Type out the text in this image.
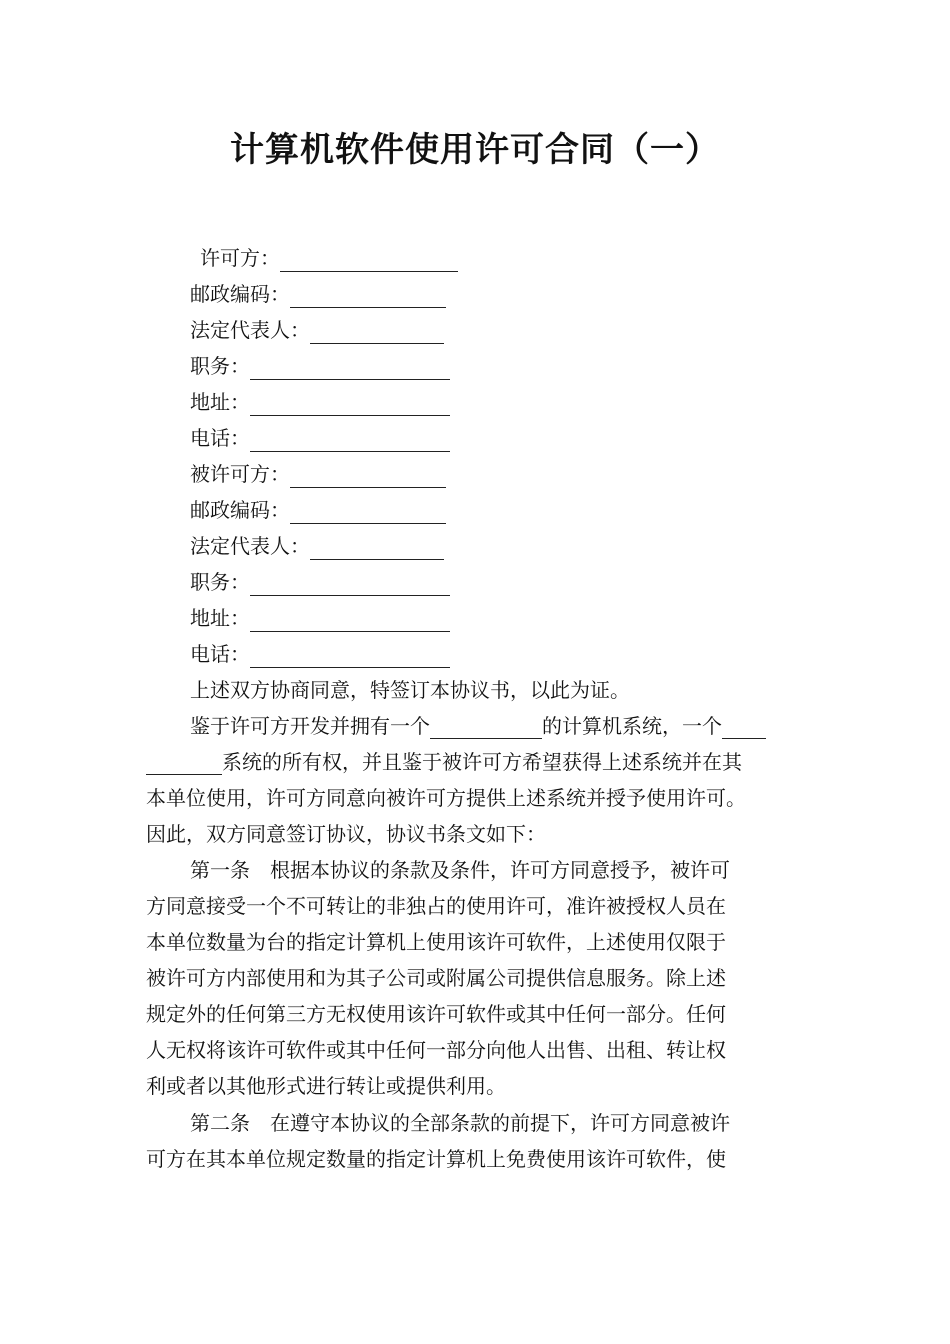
计算机软件使用许可合同（一）
许可方：
邮政编码：
法定代表人：
职务：
地址：
电话：
被许可方：
邮政编码：
法定代表人：
职务：
地址：
电话：
上述双方协商同意，特签订本协议书，以此为证。
鉴于许可方开发并拥有一个	的计算机系统，一个
系统的所有权，并且鉴于被许可方希望获得上述系统并在其
本单位使用，许可方同意向被许可方提供上述系统并授予使用许可。
因此，双方同意签订协议，协议书条文如下：
第一条　根据本协议的条款及条件，许可方同意授予，被许可
方同意接受一个不可转让的非独占的使用许可，准许被授权人员在
本单位数量为台的指定计算机上使用该许可软件，上述使用仅限于
被许可方内部使用和为其子公司或附属公司提供信息服务。除上述
规定外的任何第三方无权使用该许可软件或其中任何一部分。任何
人无权将该许可软件或其中任何一部分向他人出售、出租、转让权
利或者以其他形式进行转让或提供利用。
第二条　在遵守本协议的全部条款的前提下，许可方同意被许
可方在其本单位规定数量的指定计算机上免费使用该许可软件，使
